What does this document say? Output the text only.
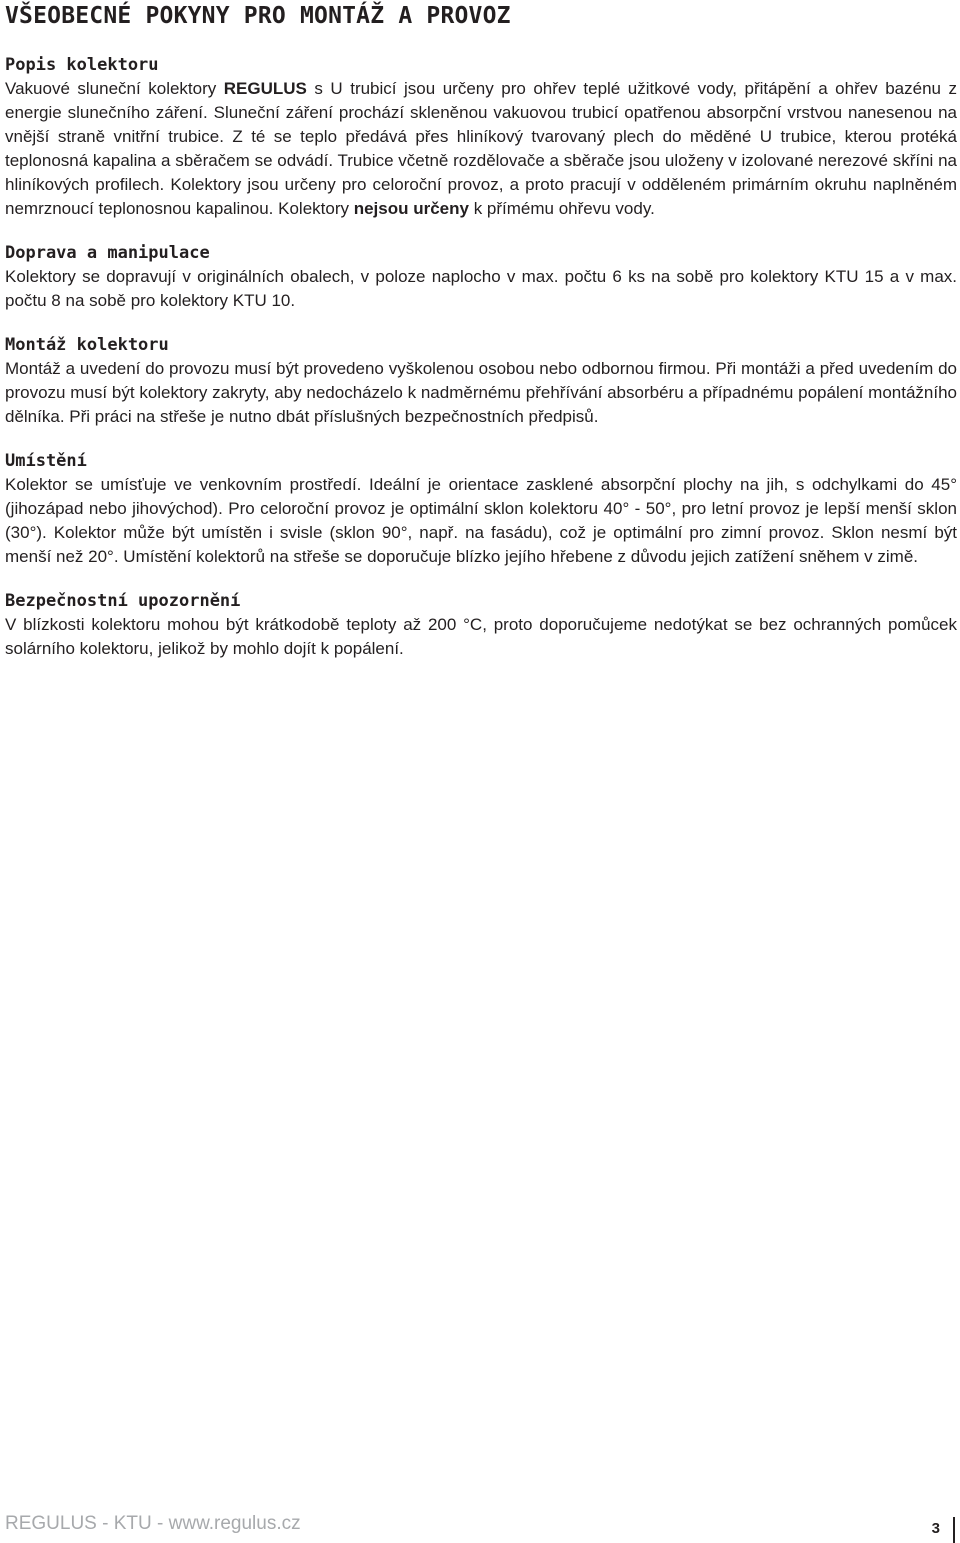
VŠEOBECNÉ POKYNY PRO MONTÁŽ A PROVOZ
Popis kolektoru

Vakuové sluneční kolektory REGULUS s U trubicí jsou určeny pro ohřev teplé užitkové vody, přitápění a ohřev bazénu z energie slunečního záření. Sluneční záření prochází skleněnou vakuovou trubicí opatřenou absorpční vrstvou nanesenou na vnější straně vnitřní trubice. Z té se teplo předává přes hliníkový tvarovaný plech do měděné U trubice, kterou protéká teplonosná kapalina a sběračem se odvádí. Trubice včetně rozdělovače a sběrače jsou uloženy v izolované nerezové skříni na hliníkových profilech. Kolektory jsou určeny pro celoroční provoz, a proto pracují v odděleném primárním okruhu naplněném nemrznoucí teplonosnou kapalinou. Kolektory nejsou určeny k přímému ohřevu vody.

Doprava a manipulace

Kolektory se dopravují v originálních obalech, v poloze naplocho v max. počtu 6 ks na sobě pro kolektory KTU 15 a v max. počtu 8 na sobě pro kolektory KTU 10.

Montáž kolektoru

Montáž a uvedení do provozu musí být provedeno vyškolenou osobou nebo odbornou firmou. Při montáži a před uvedením do provozu musí být kolektory zakryty, aby nedocházelo k nadměrnému přehřívání absorbéru a případnému popálení montážního dělníka. Při práci na střeše je nutno dbát příslušných bezpečnostních předpisů.

Umístění

Kolektor se umísťuje ve venkovním prostředí. Ideální je orientace zasklené absorpční plochy na jih, s odchylkami do 45° (jihozápad nebo jihovýchod). Pro celoroční provoz je optimální sklon kolektoru 40° - 50°, pro letní provoz je lepší menší sklon (30°). Kolektor může být umístěn i svisle (sklon 90°, např. na fasádu), což je optimální pro zimní provoz. Sklon nesmí být menší než 20°. Umístění kolektorů na střeše se doporučuje blízko jejího hřebene z důvodu jejich zatížení sněhem v zimě.

Bezpečnostní upozornění

V blízkosti kolektoru mohou být krátkodobě teploty až 200 °C, proto doporučujeme nedotýkat se bez ochranných pomůcek solárního kolektoru, jelikož by mohlo dojít k popálení.

REGULUS - KTU - www.regulus.cz	3
